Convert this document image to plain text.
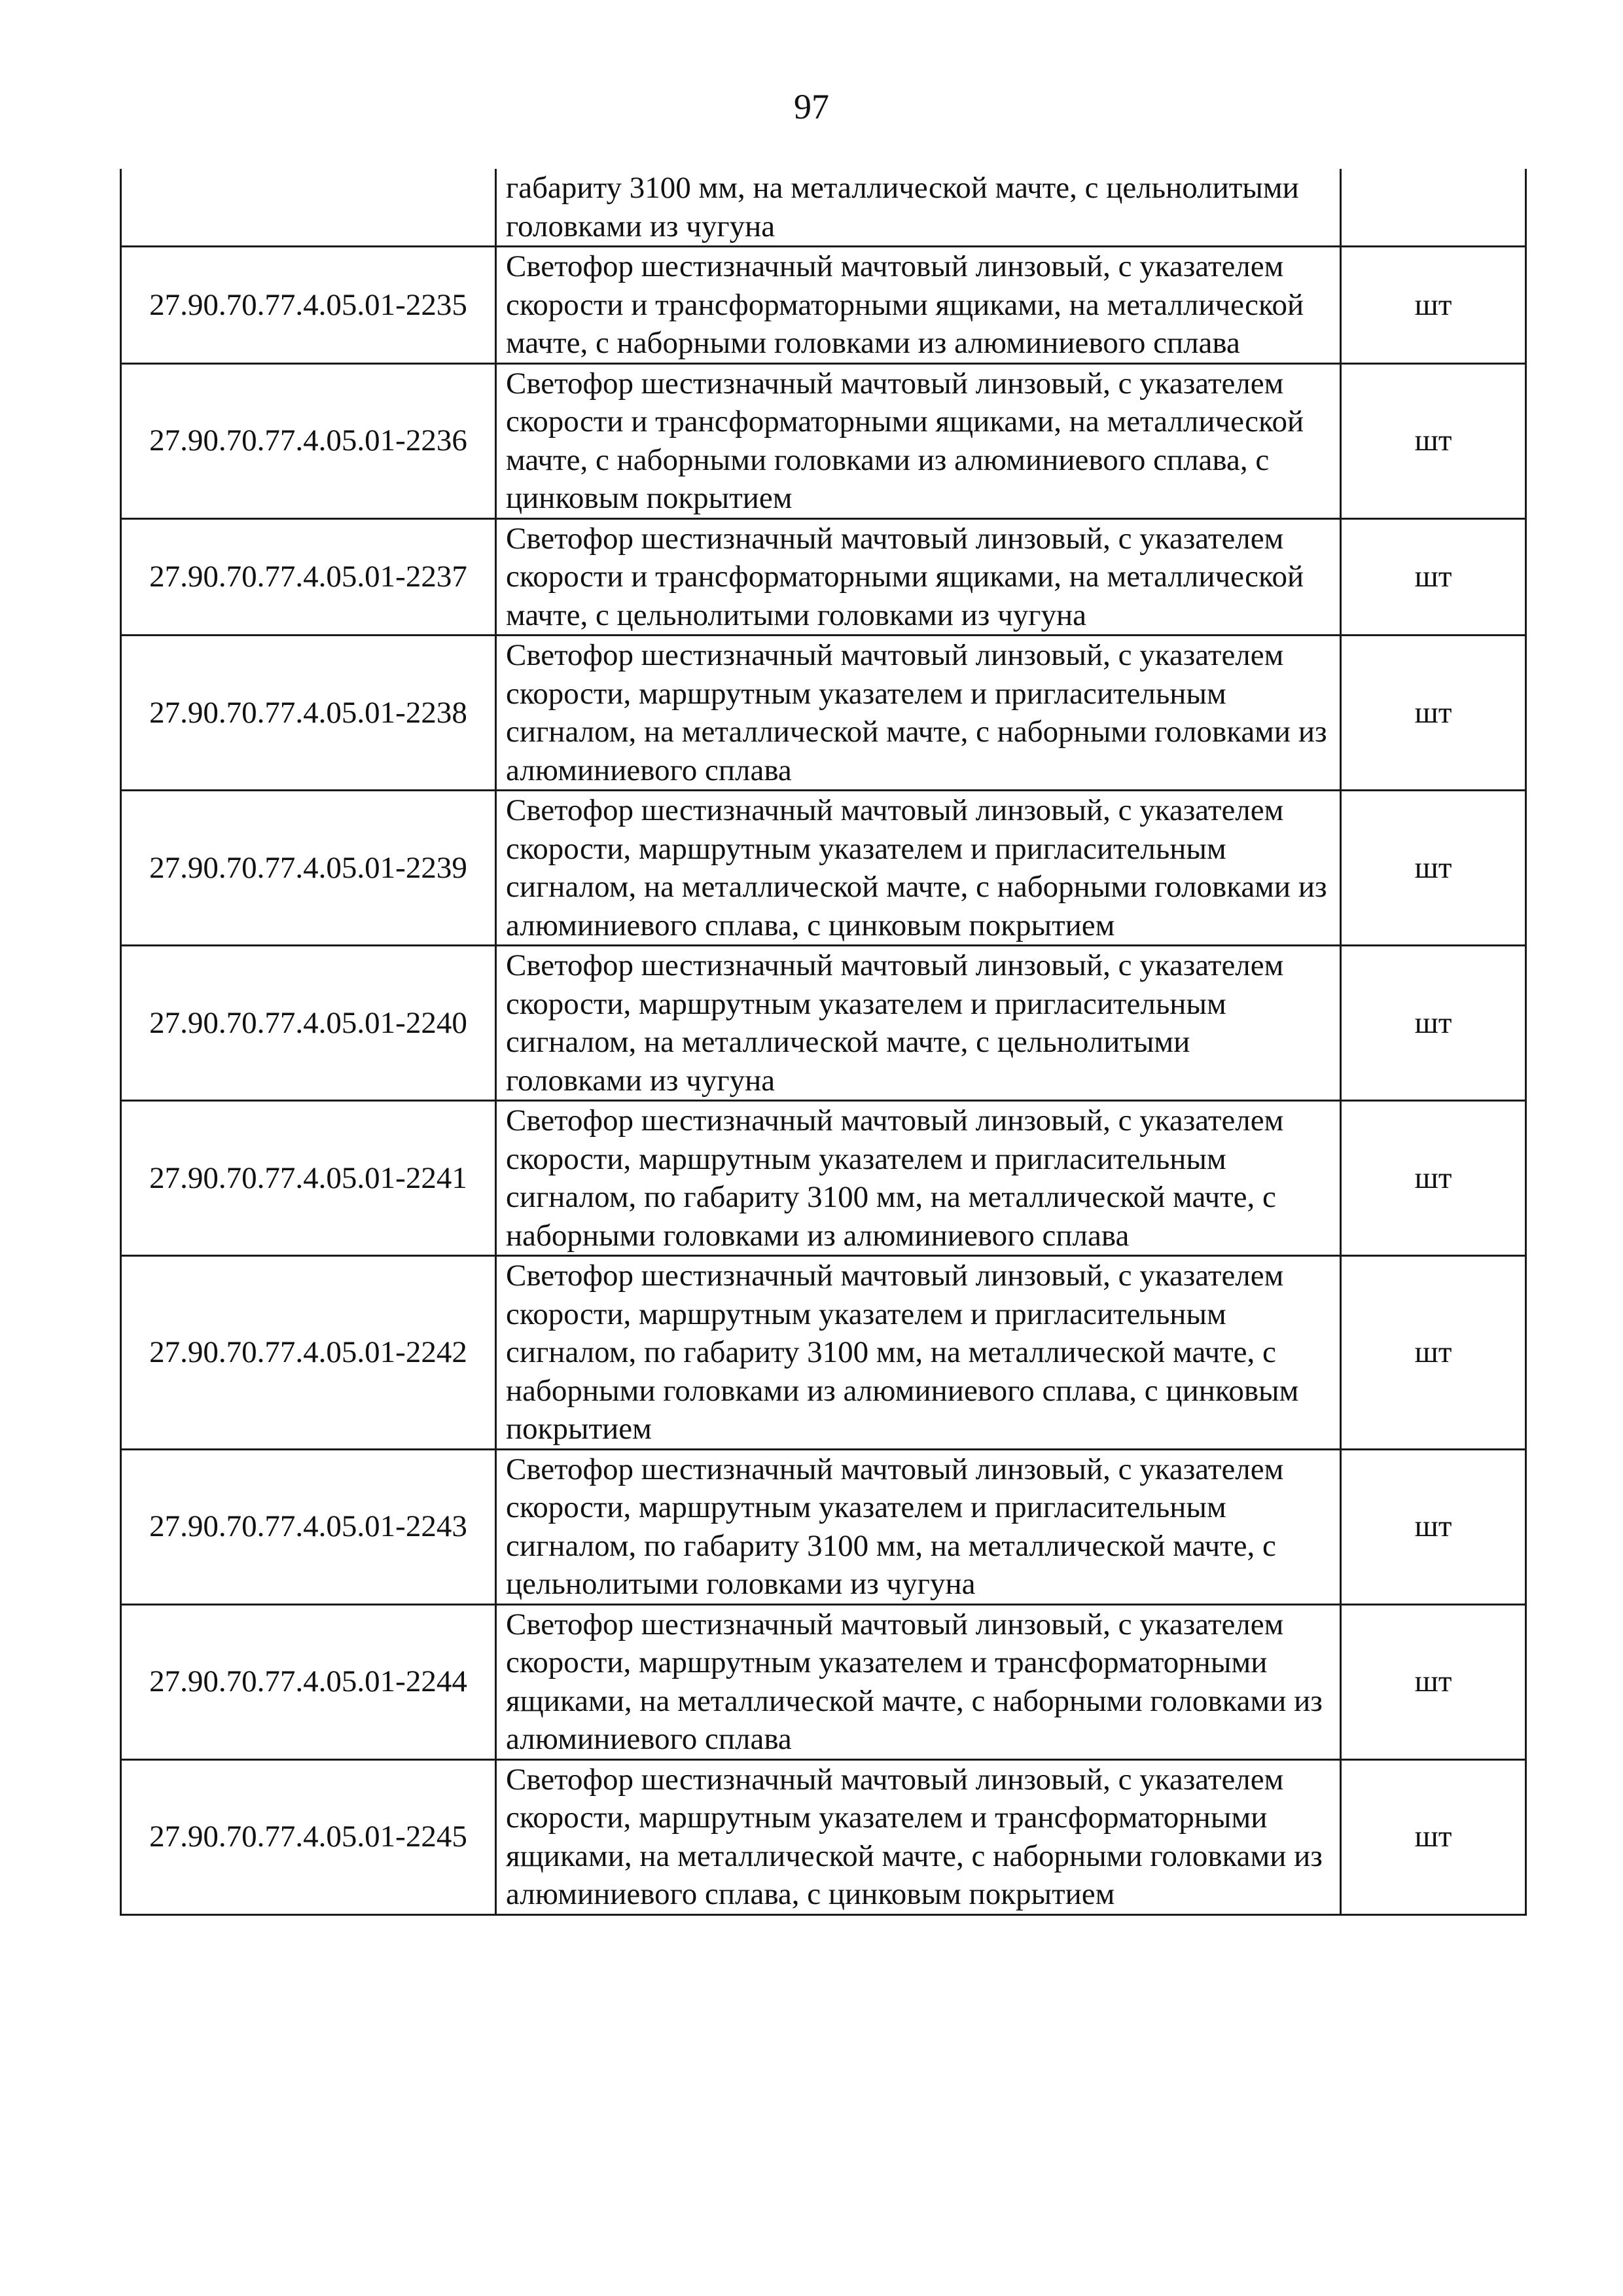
97
	габариту 3100 мм, на металлической мачте, с цельнолитыми головками из чугуна	
27.90.70.77.4.05.01-2235	Светофор шестизначный мачтовый линзовый, с указателем скорости и трансформаторными ящиками, на металлической мачте, с наборными головками из алюминиевого сплава	шт
27.90.70.77.4.05.01-2236	Светофор шестизначный мачтовый линзовый, с указателем скорости и трансформаторными ящиками, на металлической мачте, с наборными головками из алюминиевого сплава, с цинковым покрытием	шт
27.90.70.77.4.05.01-2237	Светофор шестизначный мачтовый линзовый, с указателем скорости и трансформаторными ящиками, на металлической мачте, с цельнолитыми головками из чугуна	шт
27.90.70.77.4.05.01-2238	Светофор шестизначный мачтовый линзовый, с указателем скорости, маршрутным указателем и пригласительным сигналом, на металлической мачте, с наборными головками из алюминиевого сплава	шт
27.90.70.77.4.05.01-2239	Светофор шестизначный мачтовый линзовый, с указателем скорости, маршрутным указателем и пригласительным сигналом, на металлической мачте, с наборными головками из алюминиевого сплава, с цинковым покрытием	шт
27.90.70.77.4.05.01-2240	Светофор шестизначный мачтовый линзовый, с указателем скорости, маршрутным указателем и пригласительным сигналом, на металлической мачте, с цельнолитыми головками из чугуна	шт
27.90.70.77.4.05.01-2241	Светофор шестизначный мачтовый линзовый, с указателем скорости, маршрутным указателем и пригласительным сигналом, по габариту 3100 мм, на металлической мачте, с наборными головками из алюминиевого сплава	шт
27.90.70.77.4.05.01-2242	Светофор шестизначный мачтовый линзовый, с указателем скорости, маршрутным указателем и пригласительным сигналом, по габариту 3100 мм, на металлической мачте, с наборными головками из алюминиевого сплава, с цинковым покрытием	шт
27.90.70.77.4.05.01-2243	Светофор шестизначный мачтовый линзовый, с указателем скорости, маршрутным указателем и пригласительным сигналом, по габариту 3100 мм, на металлической мачте, с цельнолитыми головками из чугуна	шт
27.90.70.77.4.05.01-2244	Светофор шестизначный мачтовый линзовый, с указателем скорости, маршрутным указателем и трансформаторными ящиками, на металлической мачте, с наборными головками из алюминиевого сплава	шт
27.90.70.77.4.05.01-2245	Светофор шестизначный мачтовый линзовый, с указателем скорости, маршрутным указателем и трансформаторными ящиками, на металлической мачте, с наборными головками из алюминиевого сплава, с цинковым покрытием	шт
